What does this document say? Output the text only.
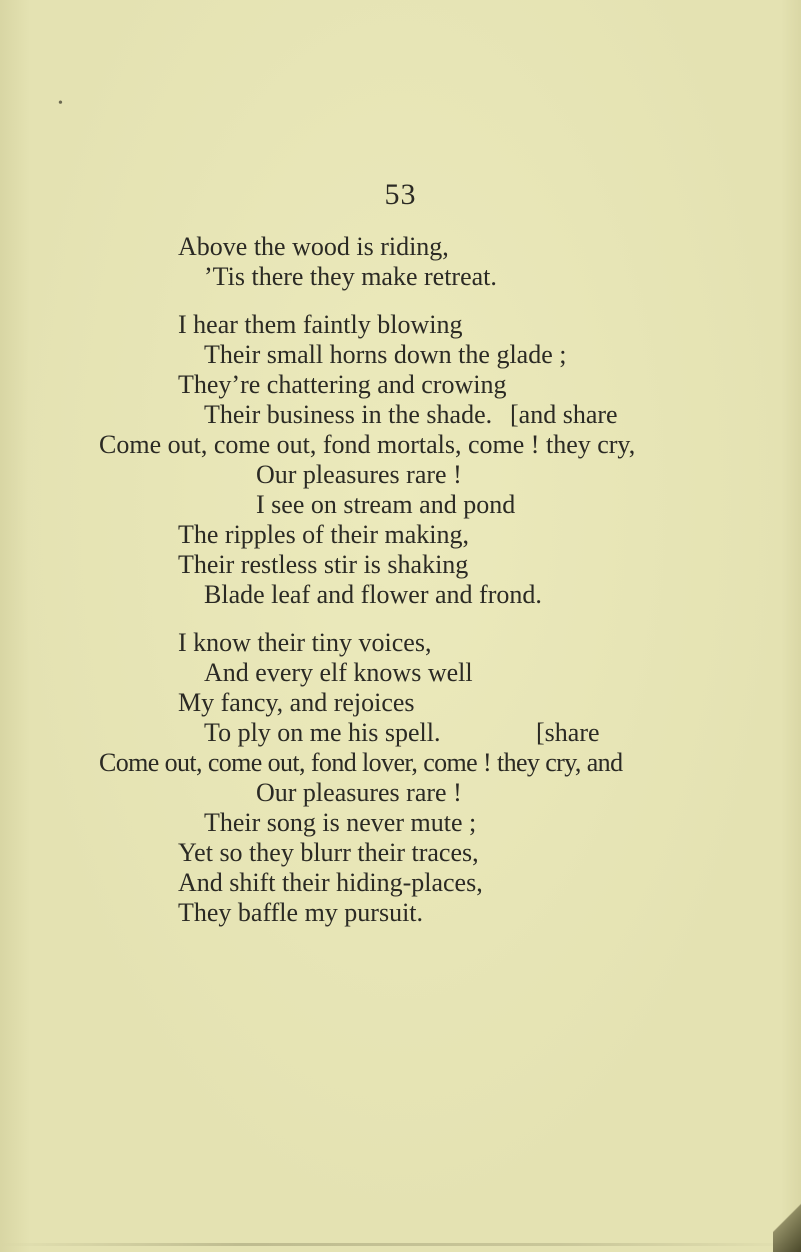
•
53
Above the wood is riding,
’Tis there they make retreat.
I hear them faintly blowing
Their small horns down the glade ;
They’re chattering and crowing
Their business in the shade. [and share
Come out, come out, fond mortals, come ! they cry,
Our pleasures rare !
I see on stream and pond
The ripples of their making,
Their restless stir is shaking
Blade leaf and flower and frond.
I know their tiny voices,
And every elf knows well
My fancy, and rejoices
To ply on me his spell.	[share
Come out, come out, fond lover, come ! they cry, and
Our pleasures rare !
Their song is never mute ;
Yet so they blurr their traces,
And shift their hiding-places,
They baffle my pursuit.
